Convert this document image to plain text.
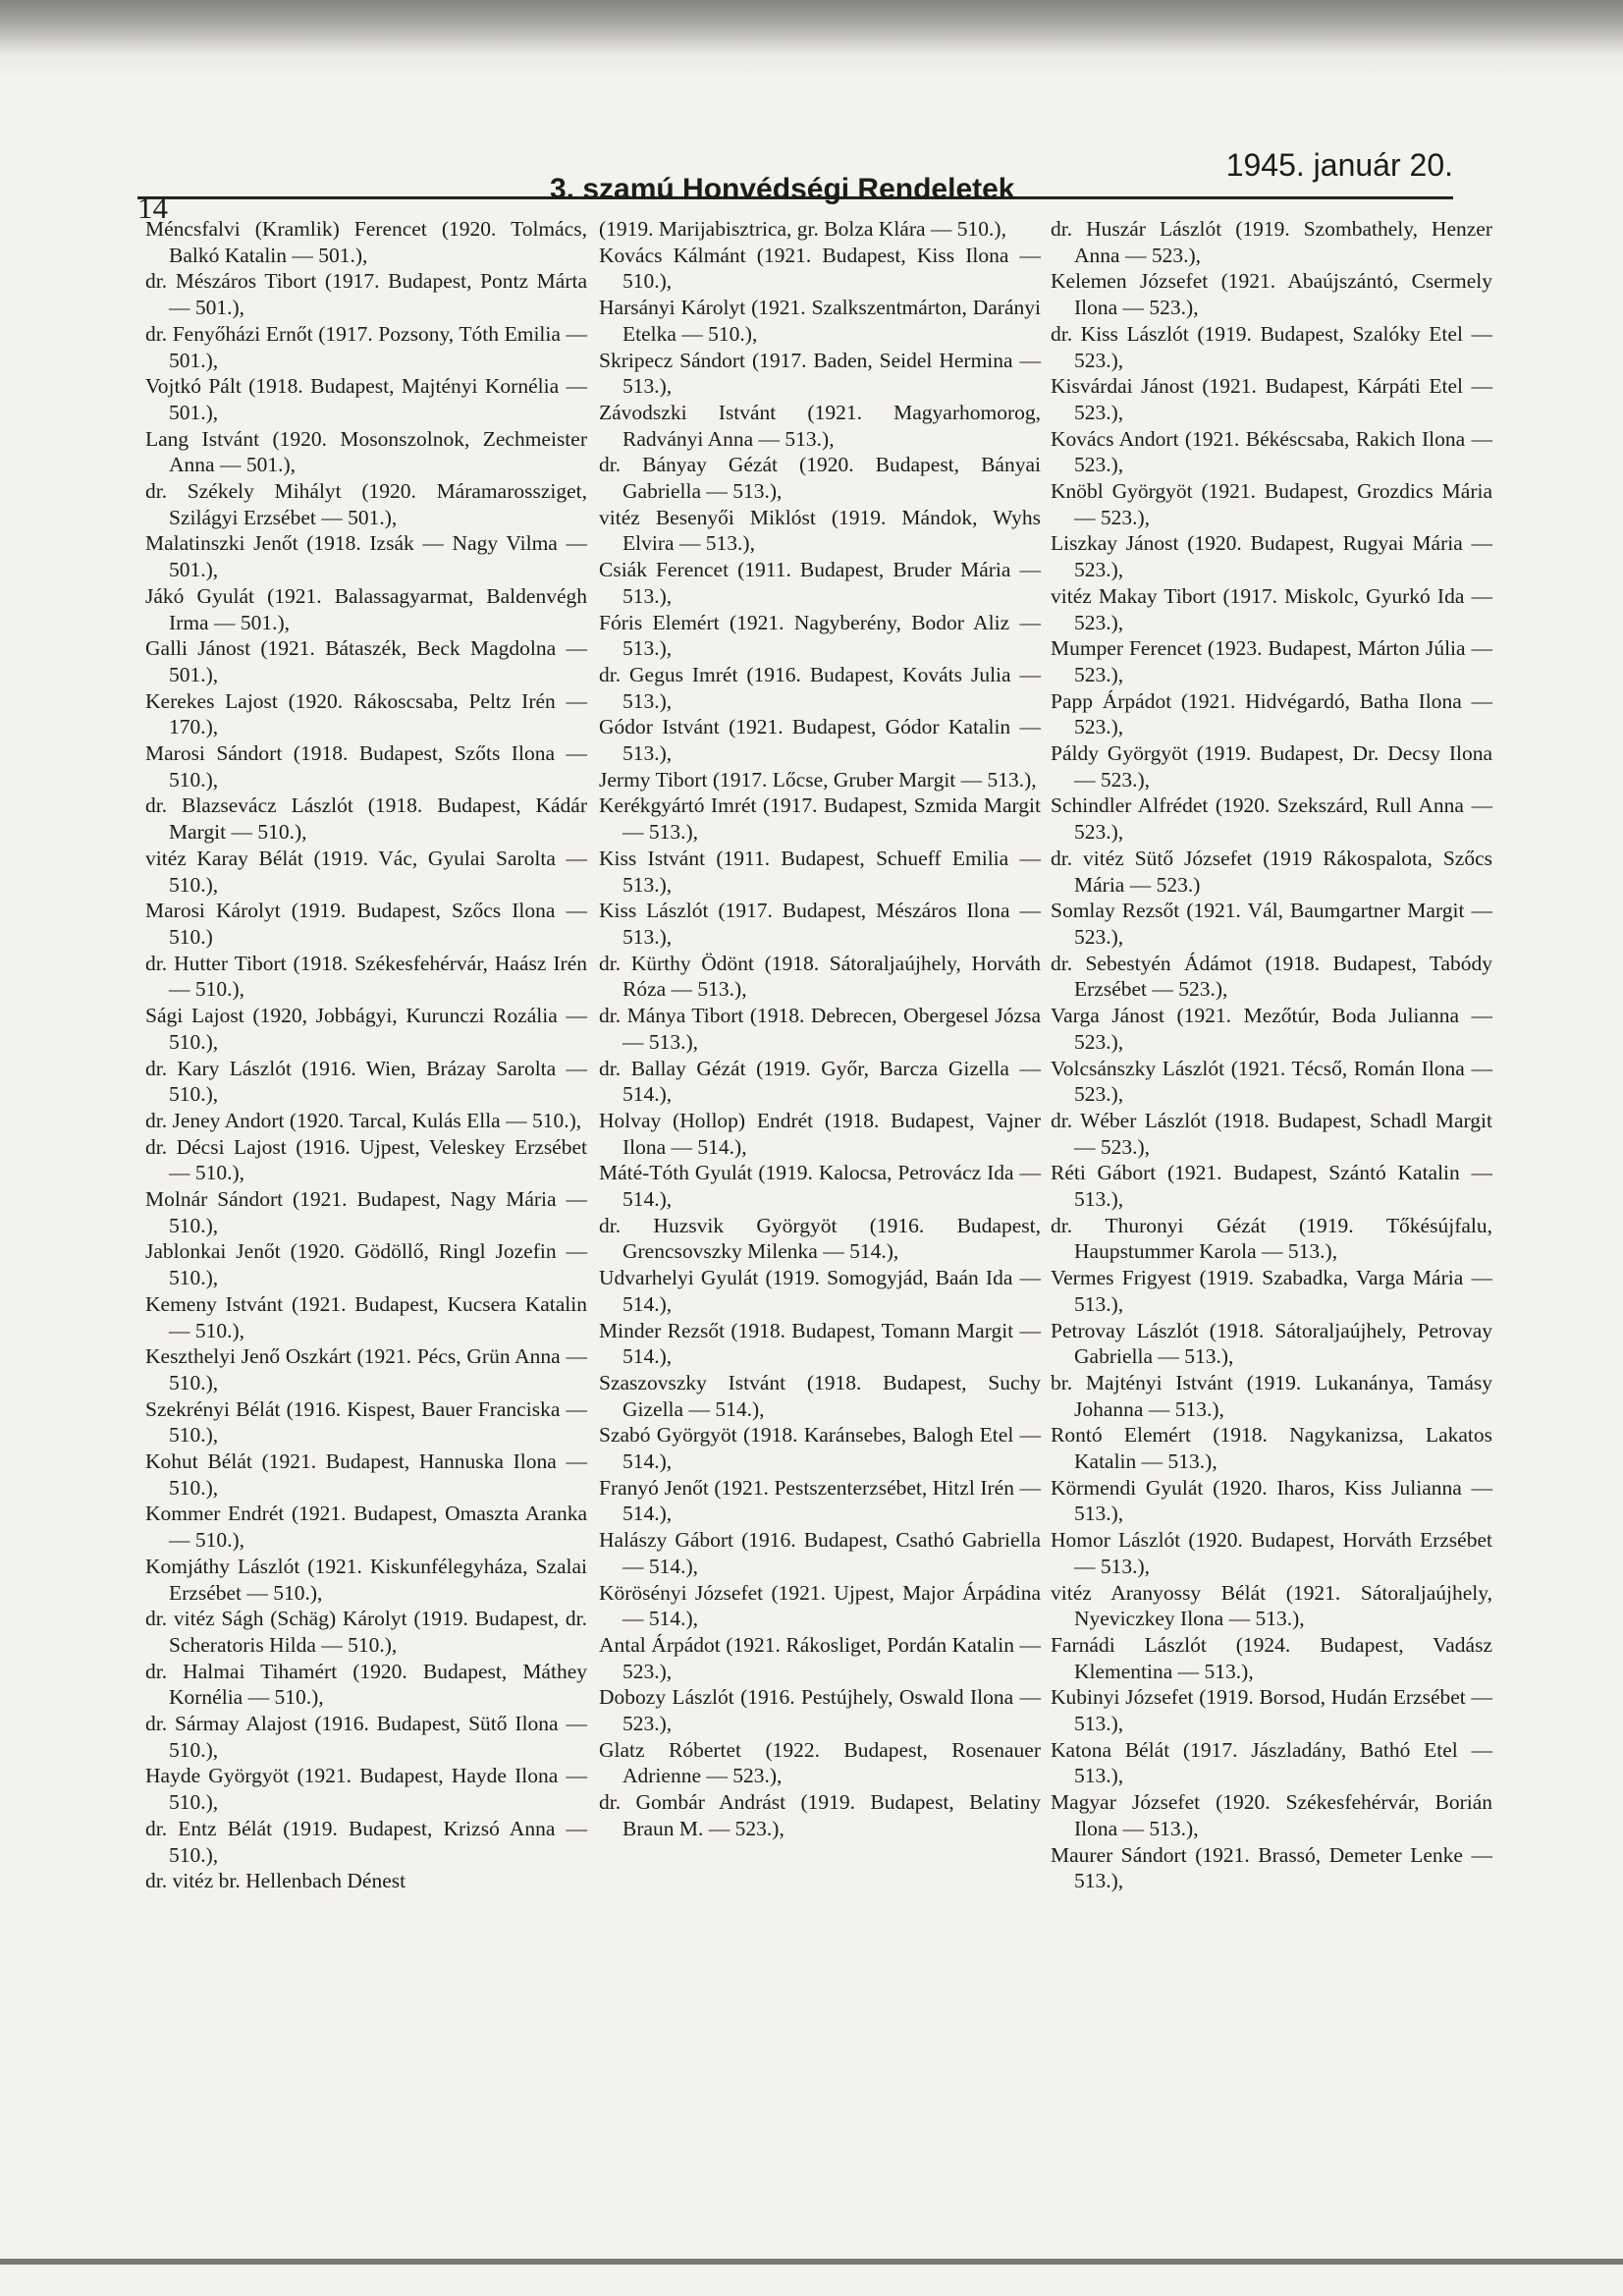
14
3. szamú Honvédségi Rendeletek
1945. január 20.

Méncsfalvi (Kramlik) Ferencet (1920. Tolmács, Balkó Katalin — 501.),

dr. Mészáros Tibort (1917. Budapest, Pontz Márta — 501.),

dr. Fenyőházi Ernőt (1917. Pozsony, Tóth Emilia — 501.),

Vojtkó Pált (1918. Budapest, Majtényi Kornélia — 501.),

Lang Istvánt (1920. Mosonszolnok, Zechmeister Anna — 501.),

dr. Székely Mihályt (1920. Máramarossziget, Szilágyi Erzsébet — 501.),

Malatinszki Jenőt (1918. Izsák — Nagy Vilma — 501.),

Jákó Gyulát (1921. Balassagyarmat, Baldenvégh Irma — 501.),

Galli Jánost (1921. Bátaszék, Beck Magdolna — 501.),

Kerekes Lajost (1920. Rákoscsaba, Peltz Irén — 170.),

Marosi Sándort (1918. Budapest, Szőts Ilona — 510.),

dr. Blazsevácz Lászlót (1918. Budapest, Kádár Margit — 510.),

vitéz Karay Bélát (1919. Vác, Gyulai Sarolta — 510.),

Marosi Károlyt (1919. Budapest, Szőcs Ilona — 510.)

dr. Hutter Tibort (1918. Székesfehérvár, Haász Irén — 510.),

Sági Lajost (1920, Jobbágyi, Kurunczi Rozália — 510.),

dr. Kary Lászlót (1916. Wien, Brázay Sarolta — 510.),

dr. Jeney Andort (1920. Tarcal, Kulás Ella — 510.),

dr. Décsi Lajost (1916. Ujpest, Veleskey Erzsébet — 510.),

Molnár Sándort (1921. Budapest, Nagy Mária — 510.),

Jablonkai Jenőt (1920. Gödöllő, Ringl Jozefin — 510.),

Kemeny Istvánt (1921. Budapest, Kucsera Katalin — 510.),

Keszthelyi Jenő Oszkárt (1921. Pécs, Grün Anna — 510.),

Szekrényi Bélát (1916. Kispest, Bauer Franciska — 510.),

Kohut Bélát (1921. Budapest, Hannuska Ilona — 510.),

Kommer Endrét (1921. Budapest, Omaszta Aranka — 510.),

Komjáthy Lászlót (1921. Kiskunfélegyháza, Szalai Erzsébet — 510.),

dr. vitéz Ságh (Schäg) Károlyt (1919. Budapest, dr. Scheratoris Hilda — 510.),

dr. Halmai Tihamért (1920. Budapest, Máthey Kornélia — 510.),

dr. Sármay Alajost (1916. Budapest, Sütő Ilona — 510.),

Hayde Györgyöt (1921. Budapest, Hayde Ilona — 510.),

dr. Entz Bélát (1919. Budapest, Krizsó Anna — 510.),

dr. vitéz br. Hellenbach Dénest

(1919. Marijabisztrica, gr. Bolza Klára — 510.),

Kovács Kálmánt (1921. Budapest, Kiss Ilona — 510.),

Harsányi Károlyt (1921. Szalkszentmárton, Darányi Etelka — 510.),

Skripecz Sándort (1917. Baden, Seidel Hermina — 513.),

Závodszki Istvánt (1921. Magyarhomorog, Radványi Anna — 513.),

dr. Bányay Gézát (1920. Budapest, Bányai Gabriella — 513.),

vitéz Besenyői Miklóst (1919. Mándok, Wyhs Elvira — 513.),

Csiák Ferencet (1911. Budapest, Bruder Mária — 513.),

Fóris Elemért (1921. Nagyberény, Bodor Aliz — 513.),

dr. Gegus Imrét (1916. Budapest, Kováts Julia — 513.),

Gódor Istvánt (1921. Budapest, Gódor Katalin — 513.),

Jermy Tibort (1917. Lőcse, Gruber Margit — 513.),

Kerékgyártó Imrét (1917. Budapest, Szmida Margit — 513.),

Kiss Istvánt (1911. Budapest, Schueff Emilia — 513.),

Kiss Lászlót (1917. Budapest, Mészáros Ilona — 513.),

dr. Kürthy Ödönt (1918. Sátoraljaújhely, Horváth Róza — 513.),

dr. Mánya Tibort (1918. Debrecen, Obergesel Józsa — 513.),

dr. Ballay Gézát (1919. Győr, Barcza Gizella — 514.),

Holvay (Hollop) Endrét (1918. Budapest, Vajner Ilona — 514.),

Máté-Tóth Gyulát (1919. Kalocsa, Petrovácz Ida — 514.),

dr. Huzsvik Györgyöt (1916. Budapest, Grencsovszky Milenka — 514.),

Udvarhelyi Gyulát (1919. Somogyjád, Baán Ida — 514.),

Minder Rezsőt (1918. Budapest, Tomann Margit — 514.),

Szaszovszky Istvánt (1918. Budapest, Suchy Gizella — 514.),

Szabó Györgyöt (1918. Karánsebes, Balogh Etel — 514.),

Franyó Jenőt (1921. Pestszenterzsébet, Hitzl Irén — 514.),

Halászy Gábort (1916. Budapest, Csathó Gabriella — 514.),

Körösényi Józsefet (1921. Ujpest, Major Árpádina — 514.),

Antal Árpádot (1921. Rákosliget, Pordán Katalin — 523.),

Dobozy Lászlót (1916. Pestújhely, Oswald Ilona — 523.),

Glatz Róbertet (1922. Budapest, Rosenauer Adrienne — 523.),

dr. Gombár Andrást (1919. Budapest, Belatiny Braun M. — 523.),

dr. Huszár Lászlót (1919. Szombathely, Henzer Anna — 523.),

Kelemen Józsefet (1921. Abaújszántó, Csermely Ilona — 523.),

dr. Kiss Lászlót (1919. Budapest, Szalóky Etel — 523.),

Kisvárdai Jánost (1921. Budapest, Kárpáti Etel — 523.),

Kovács Andort (1921. Békéscsaba, Rakich Ilona — 523.),

Knöbl Györgyöt (1921. Budapest, Grozdics Mária — 523.),

Liszkay Jánost (1920. Budapest, Rugyai Mária — 523.),

vitéz Makay Tibort (1917. Miskolc, Gyurkó Ida — 523.),

Mumper Ferencet (1923. Budapest, Márton Júlia — 523.),

Papp Árpádot (1921. Hidvégardó, Batha Ilona — 523.),

Páldy Györgyöt (1919. Budapest, Dr. Decsy Ilona — 523.),

Schindler Alfrédet (1920. Szekszárd, Rull Anna — 523.),

dr. vitéz Sütő Józsefet (1919 Rákospalota, Szőcs Mária — 523.)

Somlay Rezsőt (1921. Vál, Baumgartner Margit — 523.),

dr. Sebestyén Ádámot (1918. Budapest, Tabódy Erzsébet — 523.),

Varga Jánost (1921. Mezőtúr, Boda Julianna — 523.),

Volcsánszky Lászlót (1921. Técső, Román Ilona — 523.),

dr. Wéber Lászlót (1918. Budapest, Schadl Margit — 523.),

Réti Gábort (1921. Budapest, Szántó Katalin — 513.),

dr. Thuronyi Gézát (1919. Tőkésújfalu, Haupstummer Karola — 513.),

Vermes Frigyest (1919. Szabadka, Varga Mária — 513.),

Petrovay Lászlót (1918. Sátoraljaújhely, Petrovay Gabriella — 513.),

br. Majtényi Istvánt (1919. Lukanánya, Tamásy Johanna — 513.),

Rontó Elemért (1918. Nagykanizsa, Lakatos Katalin — 513.),

Körmendi Gyulát (1920. Iharos, Kiss Julianna — 513.),

Homor Lászlót (1920. Budapest, Horváth Erzsébet — 513.),

vitéz Aranyossy Bélát (1921. Sátoraljaújhely, Nyeviczkey Ilona — 513.),

Farnádi Lászlót (1924. Budapest, Vadász Klementina — 513.),

Kubinyi Józsefet (1919. Borsod, Hudán Erzsébet — 513.),

Katona Bélát (1917. Jászladány, Bathó Etel — 513.),

Magyar Józsefet (1920. Székesfehérvár, Borián Ilona — 513.),

Maurer Sándort (1921. Brassó, Demeter Lenke — 513.),
